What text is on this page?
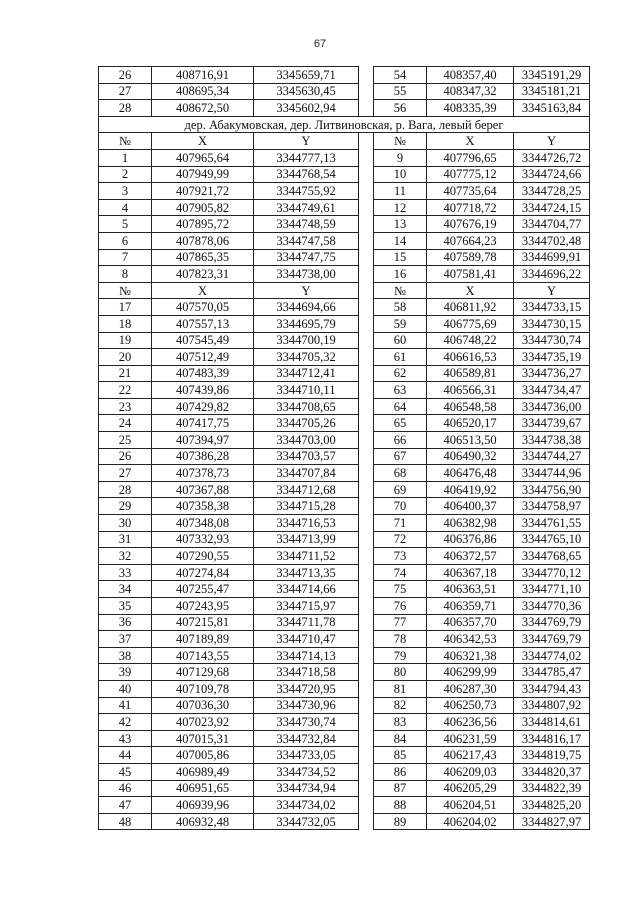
67
26	408716,91	3345659,71		54	408357,40	3345191,29
27	408695,34	3345630,45		55	408347,32	3345181,21
28	408672,50	3345602,94		56	408335,39	3345163,84
дер. Абакумовская, дер. Литвиновская, р. Вага, левый берег						
№	X	Y		№	X	Y
1	407965,64	3344777,13		9	407796,65	3344726,72
2	407949,99	3344768,54		10	407775,12	3344724,66
3	407921,72	3344755,92		11	407735,64	3344728,25
4	407905,82	3344749,61		12	407718,72	3344724,15
5	407895,72	3344748,59		13	407676,19	3344704,77
6	407878,06	3344747,58		14	407664,23	3344702,48
7	407865,35	3344747,75		15	407589,78	3344699,91
8	407823,31	3344738,00		16	407581,41	3344696,22
№	X	Y		№	X	Y
17	407570,05	3344694,66		58	406811,92	3344733,15
18	407557,13	3344695,79		59	406775,69	3344730,15
19	407545,49	3344700,19		60	406748,22	3344730,74
20	407512,49	3344705,32		61	406616,53	3344735,19
21	407483,39	3344712,41		62	406589,81	3344736,27
22	407439,86	3344710,11		63	406566,31	3344734,47
23	407429,82	3344708,65		64	406548,58	3344736,00
24	407417,75	3344705,26		65	406520,17	3344739,67
25	407394,97	3344703,00		66	406513,50	3344738,38
26	407386,28	3344703,57		67	406490,32	3344744,27
27	407378,73	3344707,84		68	406476,48	3344744,96
28	407367,88	3344712,68		69	406419,92	3344756,90
29	407358,38	3344715,28		70	406400,37	3344758,97
30	407348,08	3344716,53		71	406382,98	3344761,55
31	407332,93	3344713,99		72	406376,86	3344765,10
32	407290,55	3344711,52		73	406372,57	3344768,65
33	407274,84	3344713,35		74	406367,18	3344770,12
34	407255,47	3344714,66		75	406363,51	3344771,10
35	407243,95	3344715,97		76	406359,71	3344770,36
36	407215,81	3344711,78		77	406357,70	3344769,79
37	407189,89	3344710,47		78	406342,53	3344769,79
38	407143,55	3344714,13		79	406321,38	3344774,02
39	407129,68	3344718,58		80	406299,99	3344785,47
40	407109,78	3344720,95		81	406287,30	3344794,43
41	407036,30	3344730,96		82	406250,73	3344807,92
42	407023,92	3344730,74		83	406236,56	3344814,61
43	407015,31	3344732,84		84	406231,59	3344816,17
44	407005,86	3344733,05		85	406217,43	3344819,75
45	406989,49	3344734,52		86	406209,03	3344820,37
46	406951,65	3344734,94		87	406205,29	3344822,39
47	406939,96	3344734,02		88	406204,51	3344825,20
48	406932,48	3344732,05		89	406204,02	3344827,97
